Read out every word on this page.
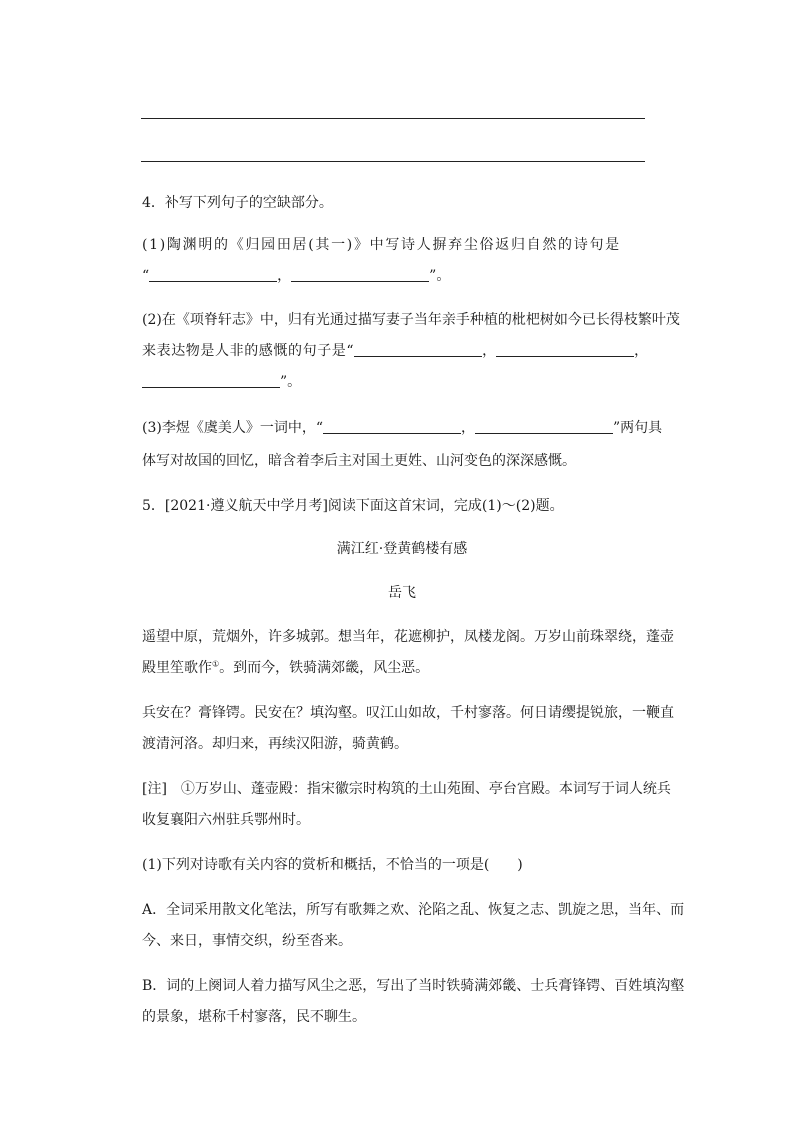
4．补写下列句子的空缺部分。
(1)陶渊明的《归园田居(其一)》中写诗人摒弃尘俗返归自然的诗句是
“	，	”。
(2)在《项脊轩志》中，归有光通过描写妻子当年亲手种植的枇杷树如今已长得枝繁叶茂
来表达物是人非的感慨的句子是“	，	，
”。
(3)李煜《虞美人》一词中，“	，	”两句具
体写对故国的回忆，暗含着李后主对国土更姓、山河变色的深深感慨。
5．[2021·遵义航天中学月考]阅读下面这首宋词，完成(1)～(2)题。
满江红·登黄鹤楼有感
岳飞
遥望中原，荒烟外，许多城郭。想当年，花遮柳护，凤楼龙阁。万岁山前珠翠绕，蓬壶
殿里笙歌作①。到而今，铁骑满郊畿，风尘恶。
兵安在？膏锋锷。民安在？填沟壑。叹江山如故，千村寥落。何日请缨提锐旅，一鞭直
渡清河洛。却归来，再续汉阳游，骑黄鹤。
[注]　①万岁山、蓬壶殿：指宋徽宗时构筑的土山苑囿、亭台宫殿。本词写于词人统兵
收复襄阳六州驻兵鄂州时。
(1)下列对诗歌有关内容的赏析和概括，不恰当的一项是(　　)
A．全词采用散文化笔法，所写有歌舞之欢、沦陷之乱、恢复之志、凯旋之思，当年、而
今、来日，事情交织，纷至沓来。
B．词的上阕词人着力描写风尘之恶，写出了当时铁骑满郊畿、士兵膏锋锷、百姓填沟壑
的景象，堪称千村寥落，民不聊生。
